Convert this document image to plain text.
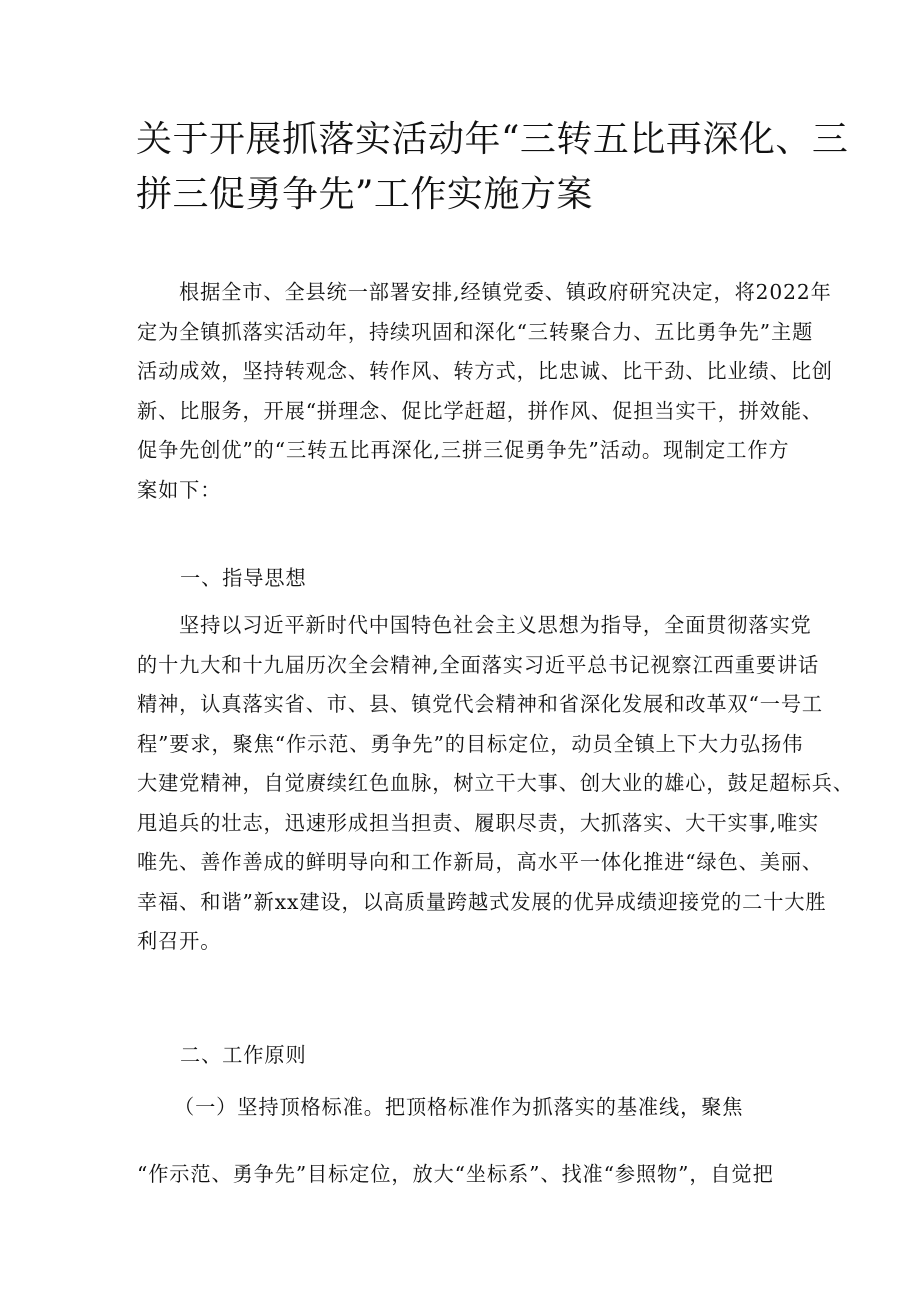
关于开展抓落实活动年“三转五比再深化、三
拼三促勇争先”工作实施方案
根据全市、全县统一部署安排,经镇党委、镇政府研究决定，将2022年
定为全镇抓落实活动年，持续巩固和深化“三转聚合力、五比勇争先”主题
活动成效，坚持转观念、转作风、转方式，比忠诚、比干劲、比业绩、比创
新、比服务，开展“拼理念、促比学赶超，拼作风、促担当实干，拼效能、
促争先创优”的“三转五比再深化,三拼三促勇争先”活动。现制定工作方
案如下：
一、指导思想
坚持以习近平新时代中国特色社会主义思想为指导，全面贯彻落实党
的十九大和十九届历次全会精神,全面落实习近平总书记视察江西重要讲话
精神，认真落实省、市、县、镇党代会精神和省深化发展和改革双“一号工
程”要求，聚焦“作示范、勇争先”的目标定位，动员全镇上下大力弘扬伟
大建党精神，自觉赓续红色血脉，树立干大事、创大业的雄心，鼓足超标兵、
甩追兵的壮志，迅速形成担当担责、履职尽责，大抓落实、大干实事,唯实
唯先、善作善成的鲜明导向和工作新局，高水平一体化推进“绿色、美丽、
幸福、和谐”新xx建设，以高质量跨越式发展的优异成绩迎接党的二十大胜
利召开。
二、工作原则

（一）坚持顶格标准。把顶格标准作为抓落实的基准线，聚焦

“作示范、勇争先”目标定位，放大“坐标系”、找准“参照物”，自觉把
